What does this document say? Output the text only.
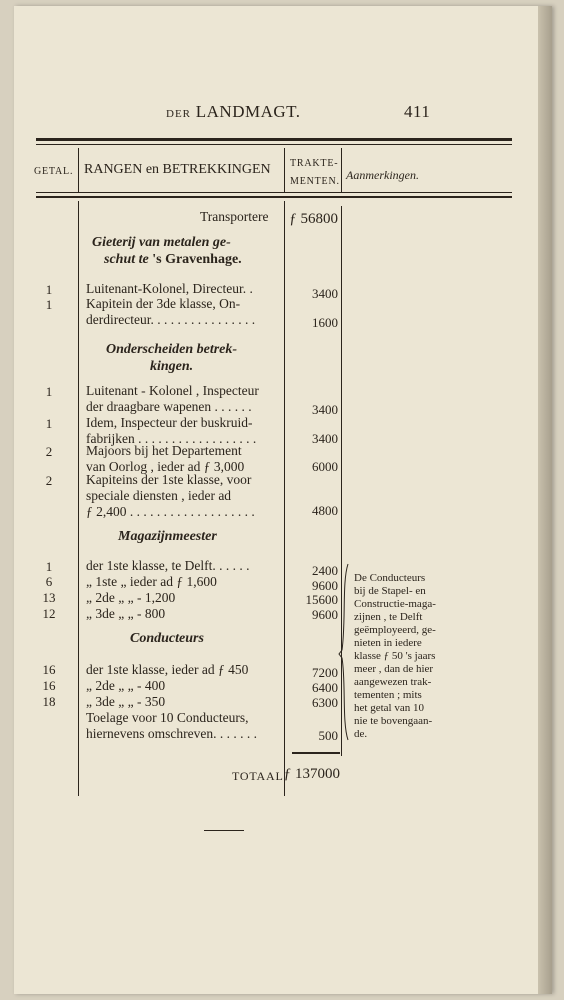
DER LANDMAGT.	411
GETAL. RANGEN en BETREKKINGEN TRAKTE-
MENTEN. Aanmerkingen.
Transportere ƒ 56800
Gieterij van metalen ge-
schut te 's Gravenhage.
1	Luitenant-Kolonel, Directeur. .	3400
1	Kapitein der 3de klasse, On-
derdirecteur. . . . . . . . . . . . . . . .	1600
Onderscheiden betrek-
kingen.
1	Luitenant - Kolonel , Inspecteur
der draagbare wapenen . . . . . .	3400
1	Idem, Inspecteur der buskruid-
fabrijken . . . . . . . . . . . . . . . . . .	3400
2	Majoors bij het Departement
van Oorlog , ieder ad ƒ 3,000	6000
2	Kapiteins der 1ste klasse, voor
speciale diensten , ieder ad
ƒ 2,400 . . . . . . . . . . . . . . . . . . .	4800
Magazijnmeester
1	der 1ste klasse, te Delft. . . . . .	2400
6	„ 1ste „ ieder ad ƒ 1,600	9600
13	„ 2de „ „ - 1,200	15600
12	„ 3de „ „ - 800	9600
Conducteurs
16	der 1ste klasse, ieder ad ƒ 450	7200
16	„ 2de „ „ - 400	6400
18	„ 3de „ „ - 350	6300
Toelage voor 10 Conducteurs,
hiernevens omschreven. . . . . . .	500
De Conducteurs
bij de Stapel- en
Constructie-maga-
zijnen , te Delft
geëmployeerd, ge-
nieten in iedere
klasse ƒ 50 's jaars
meer , dan de hier
aangewezen trak-
tementen ; mits
het getal van 10
nie te bovengaan-
de.
TOTAAL ƒ 137000
